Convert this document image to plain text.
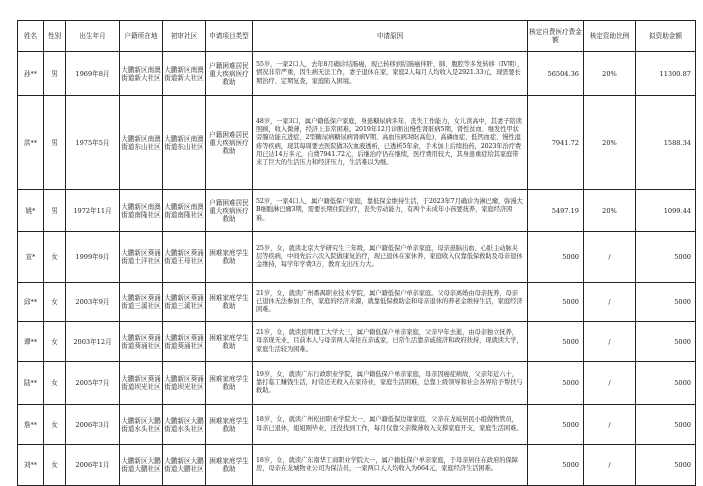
姓名	性别	出生年月	户籍所在地	初审社区	申请项目类型	申请原因	核定自费医疗费金额	核定资助比例	拟资助金额
孙**	男	1969年8月	大鹏新区南澳街道新大社区	大鹏新区南澳街道新大社区	户籍困难居民重大疾病医疗救助	55岁，一家2口人，去年8月确诊结肠癌，现已转移到结肠癌伴肝、肺、腹腔等多发转移（IV期），情况非常严重，因生病无法工作，妻子退休在家，家庭2人每月人均收入是2921.33元，现需要长期治疗、定期复查，家庭陷入困境。	56504.36	20%	11300.87
洪**	男	1975年5月	大鹏新区南澳街道东山社区	大鹏新区南澳街道东山社区	户籍困难居民重大疾病医疗救助	48岁，一家3口，属户籍低保户家庭，身患糖尿病多年，丧失工作能力，女儿读高中，其妻子陪读照顾，收入微薄，经济上非常困难。2019年12月诊断出慢性肾脏病5期、肾性贫血、继发性甲状旁腺功能亢进症、2型糖尿病糖尿病肾病V期、高血压病3级(高危)、高磷血症、低钙血症、慢性湿疹等疾病，现其每周要去医院做3次血液透析，已透析5年余，手术加上后续抬药，2023年治疗费用已达14万多元，自费7941.72元，后继治疗仍在继续，医疗费用较大，其身患重症给其家庭带来了巨大的生活压力和经济压力，生活难以为继。	7941.72	20%	1588.34
姚*	男	1972年11月	大鹏新区南澳街道南隆社区	大鹏新区南澳街道南隆社区	户籍困难居民重大疾病医疗救助	52岁，一家4口人，属户籍低保户家庭，靠低保金维持生活，于2023年7月确诊为淋巴瘤，弥漫大B细胞淋巴瘤3期，需要长期住院治疗，丧失劳动能力，有两个未成年小孩要抚养，家庭经济困难。	5497.19	20%	1099.44
宣*	女	1999年9月	大鹏新区葵涌街道土洋社区	大鹏新区葵涌街道王母社区	困难家庭学生救助	25岁，女，就读北京大学研究生三年级，属户籍低保户单亲家庭，母亲患脑出血、心脏主动脉夹层等疾病，中间先后六次入院做康复治疗，现已退休在家休养，家庭收入仅靠低保救助及母亲退休金维持，每学年学费3万，教育支出压力大。	5000	/	5000
邱**	女	2003年9月	大鹏新区葵涌街道三溪社区	大鹏新区葵涌街道三溪社区	困难家庭学生救助	21岁，女，就读广州番禺职业技术学院，属户籍低保户单亲家庭。父母亲离婚由母亲抚养，母亲已退休无法参加工作，家庭的经济来源，就靠低保救助金和母亲退休的养老金维持生活，家庭经济困难。	5000	/	5000
谭**	女	2003年12月	大鹏新区葵涌街道葵涌社区	大鹏新区葵涌街道葵涌社区	困难家庭学生救助	21岁，女，就读昆明理工大学大三，属户籍低保户单亲家庭，父亲早年去逝，由母亲独立抚养，母亲现无业，目前本人与母亲两人寄住在亲戚家，日常生活靠亲戚接济和政府扶持，现就读大学，家庭生活较为困难。	5000	/	5000
陆**	女	2005年7月	大鹏新区葵涌街道坝光社区	大鹏新区葵涌街道坝光社区	困难家庭学生救助	19岁，女，就读广东行政职业学院，属户籍低保户单亲家庭，母亲因癌症病故，父亲年近六十，靠打临工赚钱生活，时常还无收入在家待业，家庭生活困难，总靠上级领导和社会各界给予帮扶与救助。	5000	/	5000
詹**	女	2006年3月	大鹏新区大鹏街道水头社区	大鹏新区大鹏街道水头社区	困难家庭学生救助	18岁，女，就读广州松田职业学院大一，属户籍低保边缘家庭，父亲在龙岐居民小组做物管员，母亲已退休，姐姐刚毕业，还没找到工作，每月仅靠父亲微薄收入支撑家庭开支，家庭生活困难。	5000	/	5000
刘**	女	2006年1月	大鹏新区大鹏街道大鹏社区	大鹏新区大鹏街道大鹏社区	困难家庭学生救助	18岁，女，就读广东南华工商职业学院大一，属户籍低保户单亲家庭，于母亲居住在政府的保障房，母亲在龙城物业公司为保洁员，一家两口人人均收入为664元，家庭经济生活困难。	5000	/	5000
